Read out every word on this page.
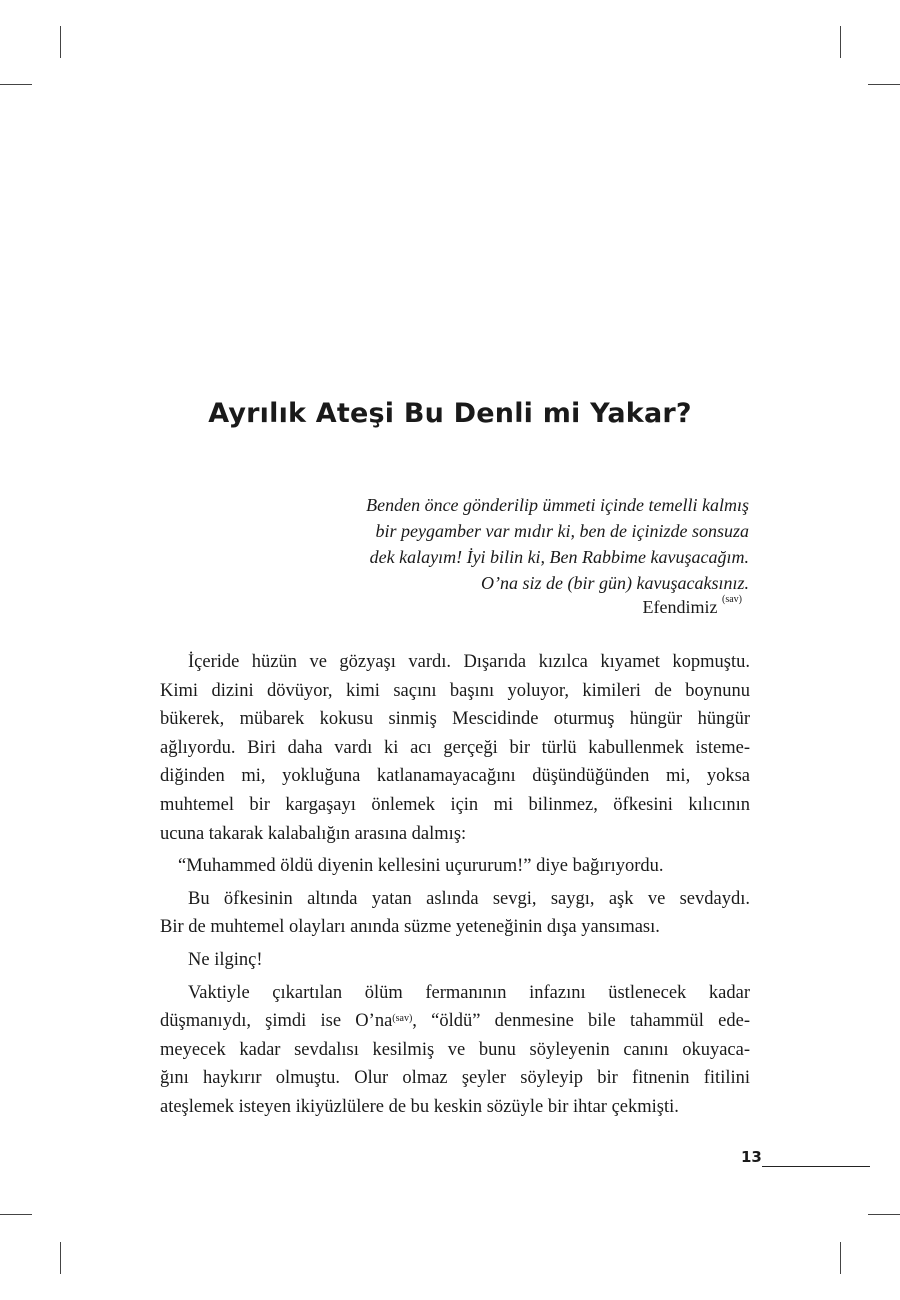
Ayrılık Ateşi Bu Denli mi Yakar?
Benden önce gönderilip ümmeti içinde temelli kalmış
bir peygamber var mıdır ki, ben de içinizde sonsuza
dek kalayım! İyi bilin ki, Ben Rabbime kavuşacağım.
O’na siz de (bir gün) kavuşacaksınız.
Efendimiz $^{(sav)}$
İçeride hüzün ve gözyaşı vardı. Dışarıda kızılca kıyamet kopmuştu.
Kimi dizini dövüyor, kimi saçını başını yoluyor, kimileri de boynunu
bükerek, mübarek kokusu sinmiş Mescidinde oturmuş hüngür hüngür
ağlıyordu. Biri daha vardı ki acı gerçeği bir türlü kabullenmek isteme-
diğinden mi, yokluğuna katlanamayacağını düşündüğünden mi, yoksa
muhtemel bir kargaşayı önlemek için mi bilinmez, öfkesini kılıcının
ucuna takarak kalabalığın arasına dalmış:
“Muhammed öldü diyenin kellesini uçururum!” diye bağırıyordu.
Bu öfkesinin altında yatan aslında sevgi, saygı, aşk ve sevdaydı.
Bir de muhtemel olayları anında süzme yeteneğinin dışa yansıması.
Ne ilginç!
Vaktiyle çıkartılan ölüm fermanının infazını üstlenecek kadar
düşmanıydı, şimdi ise $O’na^{(sav)}$, “öldü” denmesine bile tahammül ede-
meyecek kadar sevdalısı kesilmiş ve bunu söyleyenin canını okuyaca-
ğını haykırır olmuştu. Olur olmaz şeyler söyleyip bir fitnenin fitilini
ateşlemek isteyen ikiyüzlülere de bu keskin sözüyle bir ihtar çekmişti.
13
